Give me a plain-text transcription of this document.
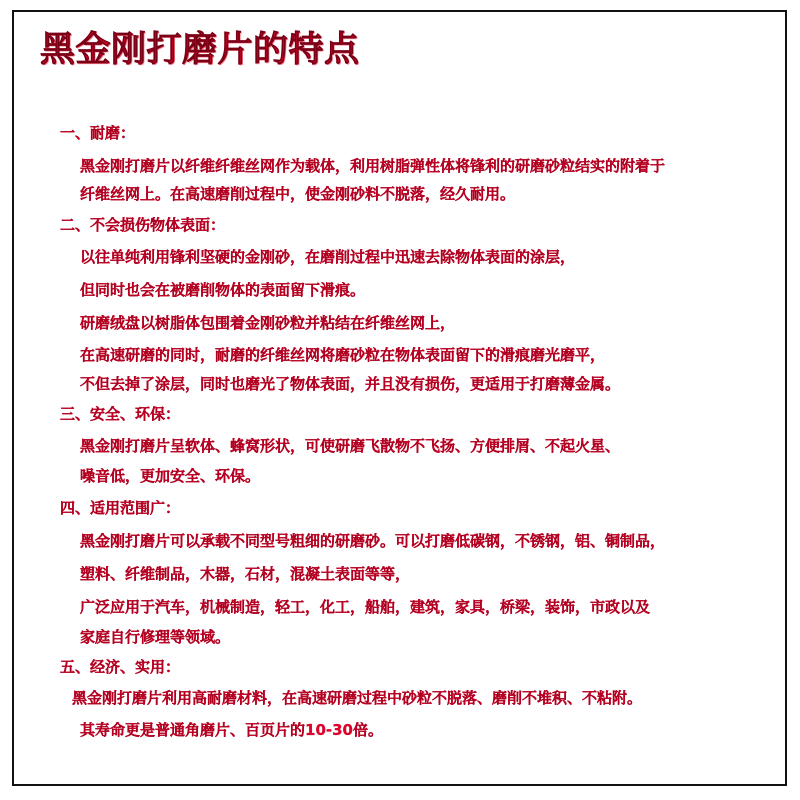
黑金刚打磨片的特点
一、耐磨：
黑金刚打磨片以纤维纤维丝网作为载体，利用树脂弹性体将锋利的研磨砂粒结实的附着于
纤维丝网上。在高速磨削过程中，使金刚砂料不脱落，经久耐用。
二、不会损伤物体表面：
以往单纯利用锋利坚硬的金刚砂，在磨削过程中迅速去除物体表面的涂层，
但同时也会在被磨削物体的表面留下滑痕。
研磨绒盘以树脂体包围着金刚砂粒并粘结在纤维丝网上，
在高速研磨的同时，耐磨的纤维丝网将磨砂粒在物体表面留下的滑痕磨光磨平，
不但去掉了涂层，同时也磨光了物体表面，并且没有损伤，更适用于打磨薄金属。
三、安全、环保：
黑金刚打磨片呈软体、蜂窝形状，可使研磨飞散物不飞扬、方便排屑、不起火星、
噪音低，更加安全、环保。
四、适用范围广：
黑金刚打磨片可以承载不同型号粗细的研磨砂。可以打磨低碳钢，不锈钢，铝、铜制品，
塑料、纤维制品，木器，石材，混凝土表面等等，
广泛应用于汽车，机械制造，轻工，化工，船舶，建筑，家具，桥梁，装饰，市政以及
家庭自行修理等领域。
五、经济、实用：
黑金刚打磨片利用高耐磨材料，在高速研磨过程中砂粒不脱落、磨削不堆积、不粘附。
其寿命更是普通角磨片、百页片的10-30倍。
